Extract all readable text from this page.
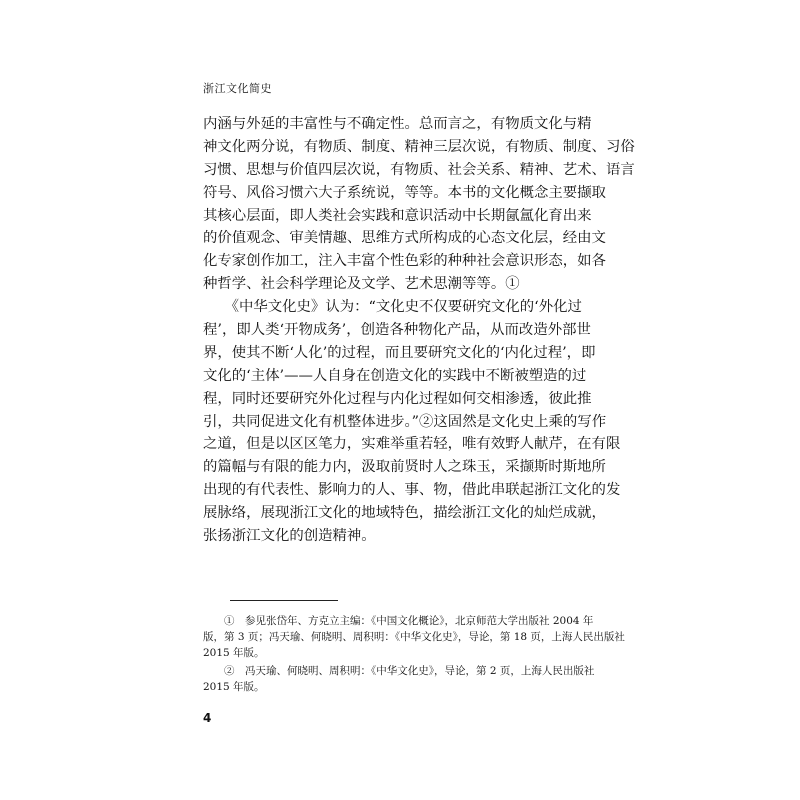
浙江文化简史

内涵与外延的丰富性与不确定性。总而言之，有物质文化与精

神文化两分说，有物质、制度、精神三层次说，有物质、制度、习俗

习惯、思想与价值四层次说，有物质、社会关系、精神、艺术、语言

符号、风俗习惯六大子系统说，等等。本书的文化概念主要撷取

其核心层面，即人类社会实践和意识活动中长期氤氲化育出来

的价值观念、审美情趣、思维方式所构成的心态文化层，经由文

化专家创作加工，注入丰富个性色彩的种种社会意识形态，如各

种哲学、社会科学理论及文学、艺术思潮等等。①

　　《中华文化史》认为：“文化史不仅要研究文化的‘外化过

程’，即人类‘开物成务’，创造各种物化产品，从而改造外部世

界，使其不断‘人化’的过程，而且要研究文化的‘内化过程’，即

文化的‘主体’——人自身在创造文化的实践中不断被塑造的过

程，同时还要研究外化过程与内化过程如何交相渗透，彼此推

引，共同促进文化有机整体进步。”②这固然是文化史上乘的写作

之道，但是以区区笔力，实难举重若轻，唯有效野人献芹，在有限

的篇幅与有限的能力内，汲取前贤时人之珠玉，采撷斯时斯地所

出现的有代表性、影响力的人、事、物，借此串联起浙江文化的发

展脉络，展现浙江文化的地域特色，描绘浙江文化的灿烂成就，

张扬浙江文化的创造精神。

　　①　参见张岱年、方克立主编：《中国文化概论》，北京师范大学出版社 2004 年

版，第 3 页；冯天瑜、何晓明、周积明：《中华文化史》，导论，第 18 页，上海人民出版社

2015 年版。

　　②　冯天瑜、何晓明、周积明：《中华文化史》，导论，第 2 页，上海人民出版社

2015 年版。

4
